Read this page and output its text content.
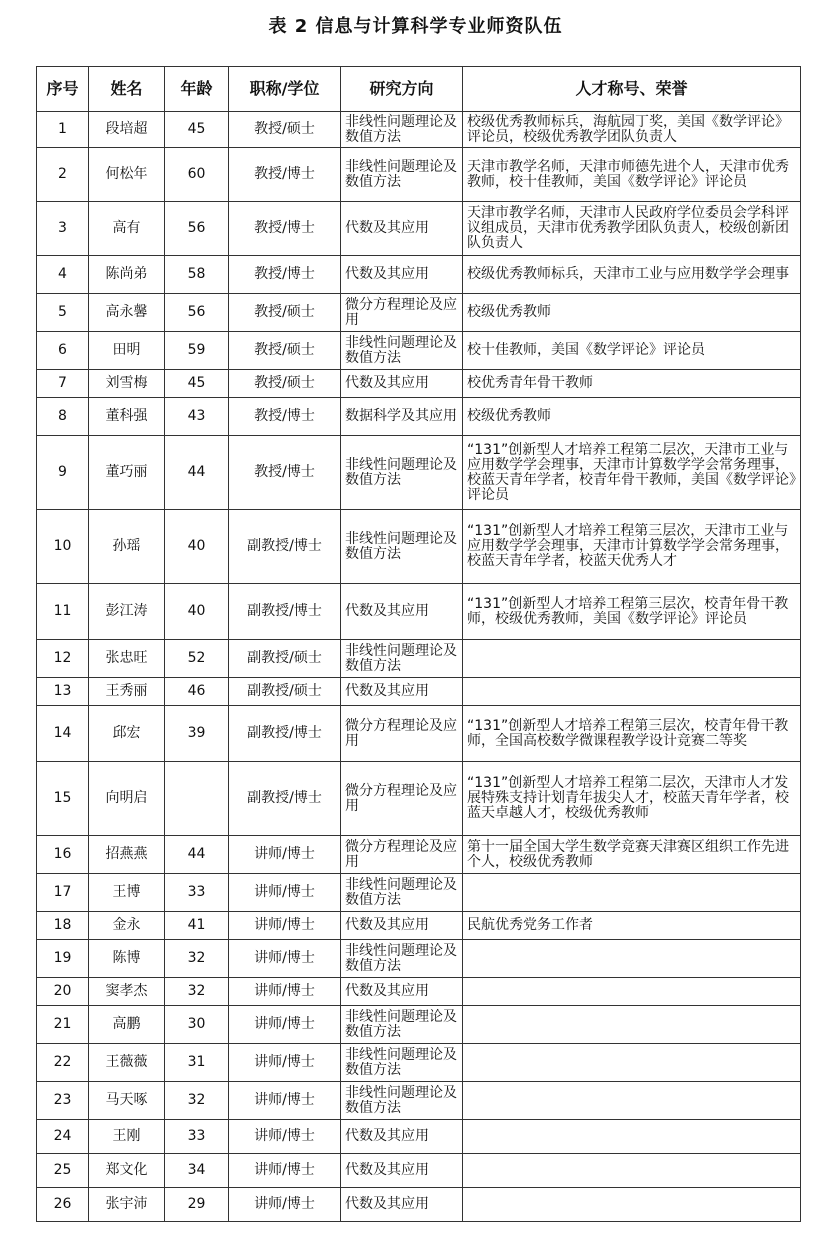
表 2 信息与计算科学专业师资队伍
序号	姓名	年龄	职称/学位	研究方向	人才称号、荣誉
1	段培超	45	教授/硕士	非线性问题理论及数值方法	校级优秀教师标兵，海航园丁奖，美国《数学评论》评论员，校级优秀教学团队负责人
2	何松年	60	教授/博士	非线性问题理论及数值方法	天津市教学名师，天津市师德先进个人，天津市优秀教师，校十佳教师，美国《数学评论》评论员
3	高有	56	教授/博士	代数及其应用	天津市教学名师，天津市人民政府学位委员会学科评议组成员，天津市优秀教学团队负责人，校级创新团队负责人
4	陈尚弟	58	教授/博士	代数及其应用	校级优秀教师标兵，天津市工业与应用数学学会理事
5	高永馨	56	教授/硕士	微分方程理论及应用	校级优秀教师
6	田明	59	教授/硕士	非线性问题理论及数值方法	校十佳教师，美国《数学评论》评论员
7	刘雪梅	45	教授/硕士	代数及其应用	校优秀青年骨干教师
8	董科强	43	教授/博士	数据科学及其应用	校级优秀教师
9	董巧丽	44	教授/博士	非线性问题理论及数值方法	“131”创新型人才培养工程第二层次，天津市工业与应用数学学会理事，天津市计算数学学会常务理事，校蓝天青年学者，校青年骨干教师，美国《数学评论》评论员
10	孙瑶	40	副教授/博士	非线性问题理论及数值方法	“131”创新型人才培养工程第三层次，天津市工业与应用数学学会理事，天津市计算数学学会常务理事，校蓝天青年学者，校蓝天优秀人才
11	彭江涛	40	副教授/博士	代数及其应用	“131”创新型人才培养工程第三层次，校青年骨干教师，校级优秀教师，美国《数学评论》评论员
12	张忠旺	52	副教授/硕士	非线性问题理论及数值方法	
13	王秀丽	46	副教授/硕士	代数及其应用	
14	邱宏	39	副教授/博士	微分方程理论及应用	“131”创新型人才培养工程第三层次，校青年骨干教师，全国高校数学微课程教学设计竞赛二等奖
15	向明启		副教授/博士	微分方程理论及应用	“131”创新型人才培养工程第二层次，天津市人才发展特殊支持计划青年拔尖人才，校蓝天青年学者，校蓝天卓越人才，校级优秀教师
16	招燕燕	44	讲师/博士	微分方程理论及应用	第十一届全国大学生数学竞赛天津赛区组织工作先进个人，校级优秀教师
17	王博	33	讲师/博士	非线性问题理论及数值方法	
18	金永	41	讲师/博士	代数及其应用	民航优秀党务工作者
19	陈博	32	讲师/博士	非线性问题理论及数值方法	
20	窦孝杰	32	讲师/博士	代数及其应用	
21	高鹏	30	讲师/博士	非线性问题理论及数值方法	
22	王薇薇	31	讲师/博士	非线性问题理论及数值方法	
23	马天啄	32	讲师/博士	非线性问题理论及数值方法	
24	王刚	33	讲师/博士	代数及其应用	
25	郑文化	34	讲师/博士	代数及其应用	
26	张宇沛	29	讲师/博士	代数及其应用	
